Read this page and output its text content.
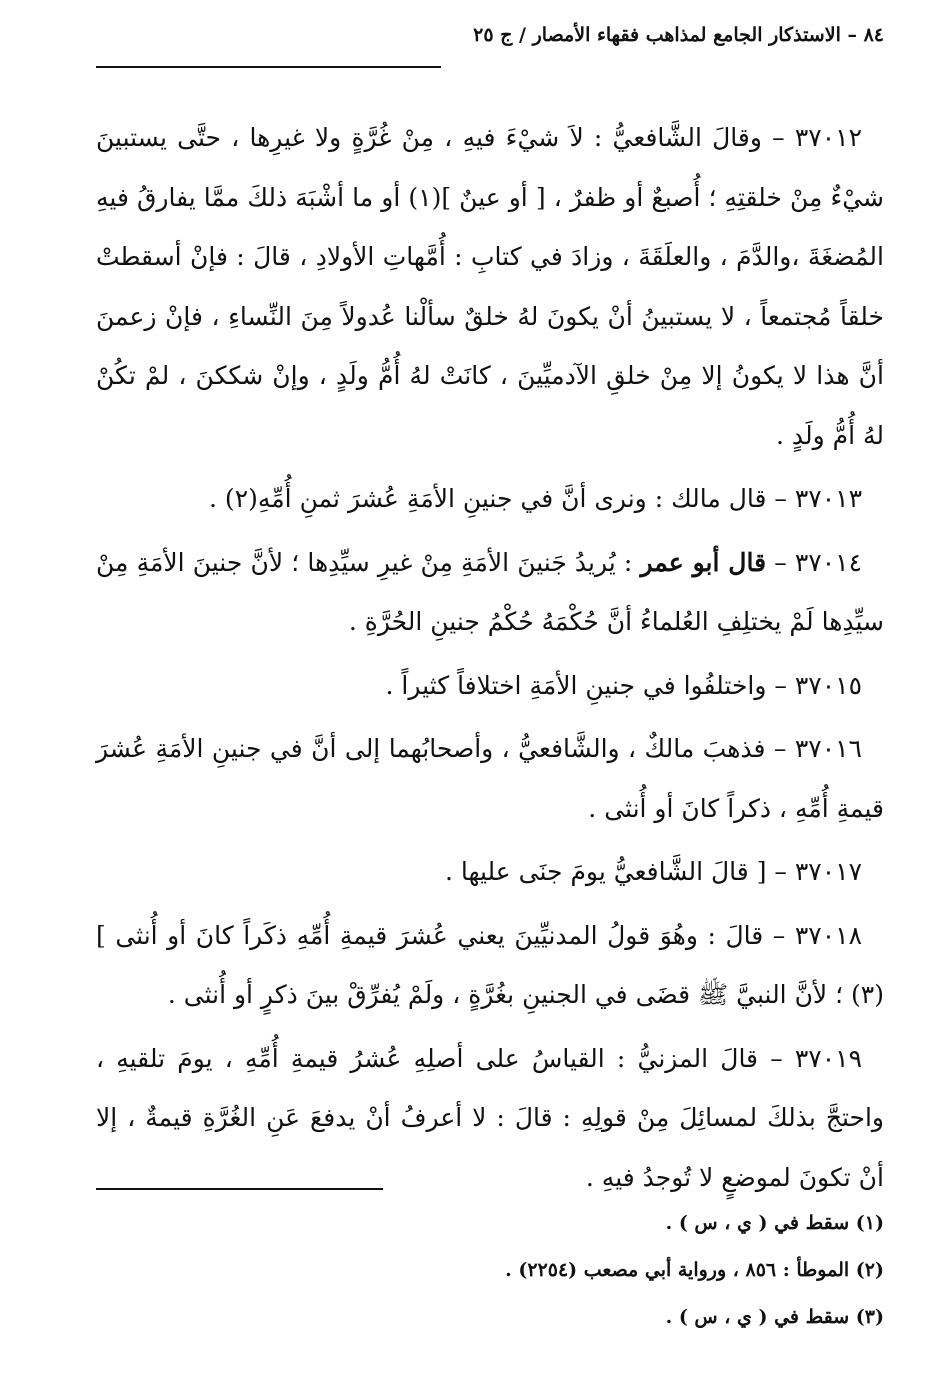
٨٤ – الاستذكار الجامع لمذاهب فقهاء الأمصار / ج ٢٥

٣٧٠١٢ – وقالَ الشَّافعيُّ : لاَ شيْءَ فيهِ ، مِنْ غُرَّةٍ ولا غيرِها ، حتَّى يستبينَ شيْءٌ مِنْ خلقتِهِ ؛ أُصبعٌ أو ظفرٌ ، [ أو عينٌ ](١) أو ما أشْبَهَ ذلكَ ممَّا يفارقُ فيهِ المُضغَةَ ،والدَّمَ ، والعلَقَةَ ، وزادَ في كتابِ : أُمَّهاتِ الأولادِ ، قالَ : فإنْ أسقطتْ خلقاً مُجتمعاً ، لا يستبينُ أنْ يكونَ لهُ خلقٌ سألْنا عُدولاً مِنَ النِّساءِ ، فإنْ زعمنَ أنَّ هذا لا يكونُ إلا مِنْ خلقِ الآدميِّينَ ، كانَتْ لهُ أُمُّ ولَدٍ ، وإنْ شككنَ ، لمْ تكُنْ لهُ أُمُّ ولَدٍ .

٣٧٠١٣ – قال مالك : ونرى أنَّ في جنينِ الأمَةِ عُشرَ ثمنِ أُمِّهِ(٢) .

٣٧٠١٤ – قال أبو عمر : يُريدُ جَنينَ الأمَةِ مِنْ غيرِ سيِّدِها ؛ لأنَّ جنينَ الأمَةِ مِنْ سيِّدِها لَمْ يختلِفِ العُلماءُ أنَّ حُكْمَهُ حُكْمُ جنينِ الحُرَّةِ .

٣٧٠١٥ – واختلفُوا في جنينِ الأمَةِ اختلافاً كثيراً .

٣٧٠١٦ – فذهبَ مالكٌ ، والشَّافعيُّ ، وأصحابُهما إلى أنَّ في جنينِ الأمَةِ عُشرَ قيمةِ أُمِّهِ ، ذكراً كانَ أو أُنثى .

٣٧٠١٧ – [ قالَ الشَّافعيُّ يومَ جنَى عليها .

٣٧٠١٨ – قالَ : وهُوَ قولُ المدنيِّينَ يعني عُشرَ قيمةِ أُمِّهِ ذكَراً كانَ أو أُنثى ](٣) ؛ لأنَّ النبيَّ ﷺ قضَى في الجنينِ بغُرَّةٍ ، ولَمْ يُفرِّقْ بينَ ذكرٍ أو أُنثى .

٣٧٠١٩ – قالَ المزنيُّ : القياسُ على أصلِهِ عُشرُ قيمةِ أُمِّهِ ، يومَ تلقيهِ ، واحتجَّ بذلكَ لمسائِلَ مِنْ قولِهِ : قالَ : لا أعرفُ أنْ يدفعَ عَنِ الغُرَّةِ قيمةٌ ، إلا أنْ تكونَ لموضعٍ لا تُوجدُ فيهِ .

(١) سقط في ( ي ، س ) .
(٢) الموطأ : ٨٥٦ ، ورواية أبي مصعب (٢٢٥٤) .
(٣) سقط في ( ي ، س ) .
